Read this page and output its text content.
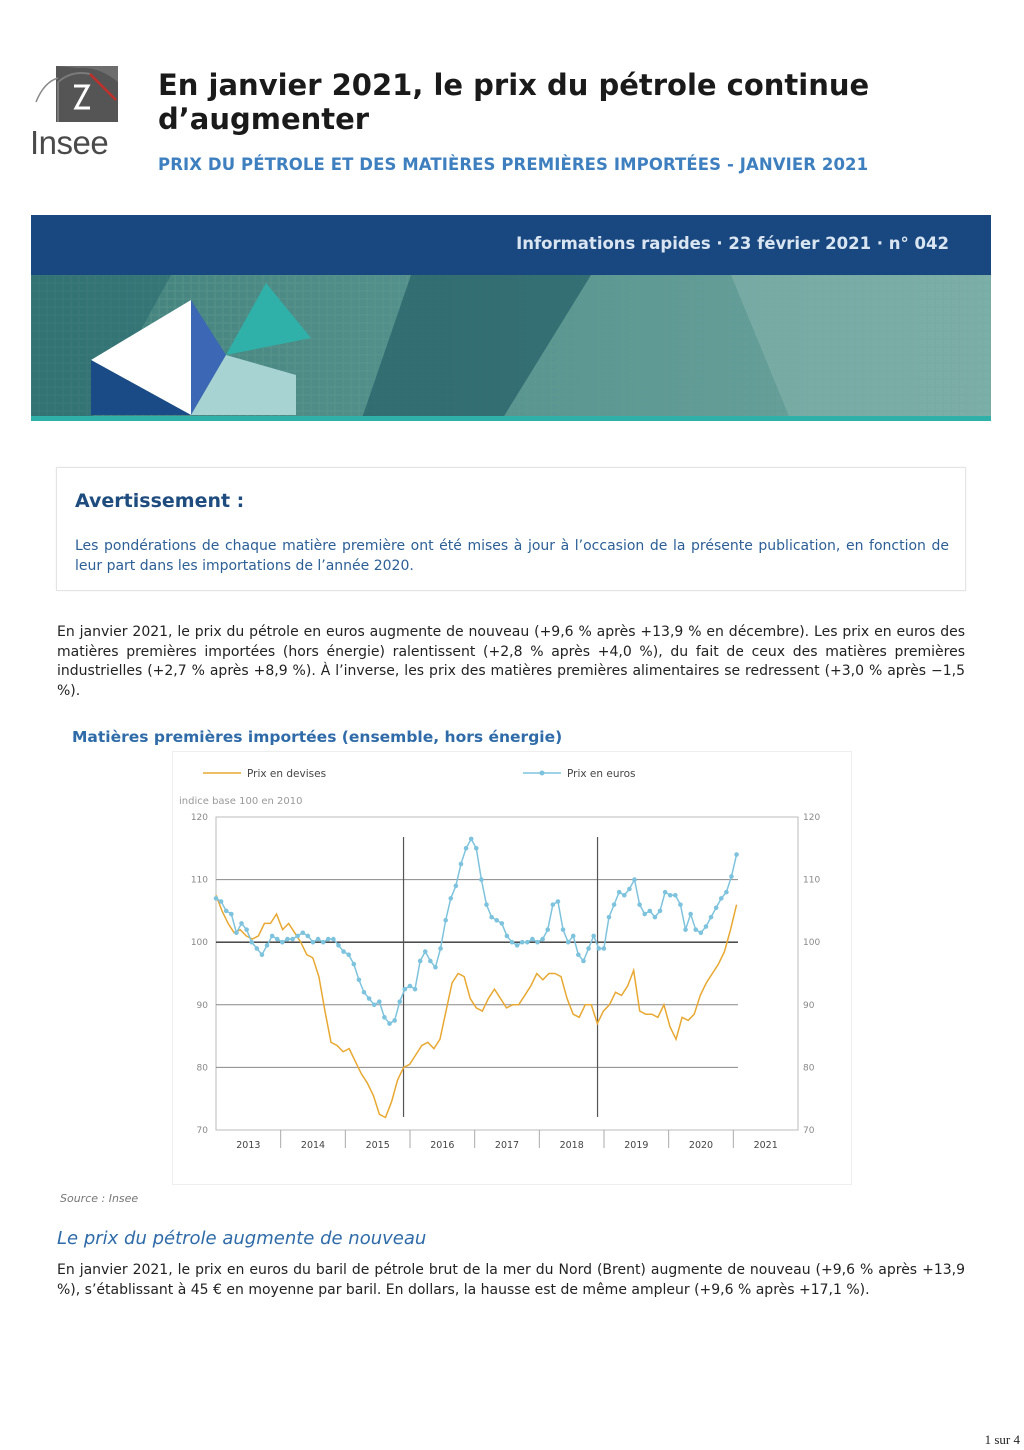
Insee
En janvier 2021, le prix du pétrole continue d’augmenter
PRIX DU PÉTROLE ET DES MATIÈRES PREMIÈRES IMPORTÉES - JANVIER 2021
Informations rapides · 23 février 2021 · n° 042
Avertissement :
Les pondérations de chaque matière première ont été mises à jour à l’occasion de la présente publication, en fonction de leur part dans les importations de l’année 2020.
En janvier 2021, le prix du pétrole en euros augmente de nouveau (+9,6 % après +13,9 % en décembre). Les prix en euros des matières premières importées (hors énergie) ralentissent (+2,8 % après +4,0 %), du fait de ceux des matières premières industrielles (+2,7 % après +8,9 %). À l’inverse, les prix des matières premières alimentaires se redressent (+3,0 % après −1,5 %).
Matières premières importées (ensemble, hors énergie)
70	70
80	80
90	90
100	100
110	110
120	120
indice base 100 en 2010
2013	2014	2015	2016	2017	2018	2019	2020	2021
Prix en devises	Prix en euros
Source : Insee
Le prix du pétrole augmente de nouveau
En janvier 2021, le prix en euros du baril de pétrole brut de la mer du Nord (Brent) augmente de nouveau (+9,6 % après +13,9 %), s’établissant à 45 € en moyenne par baril. En dollars, la hausse est de même ampleur (+9,6 % après +17,1 %).
1 sur 4
